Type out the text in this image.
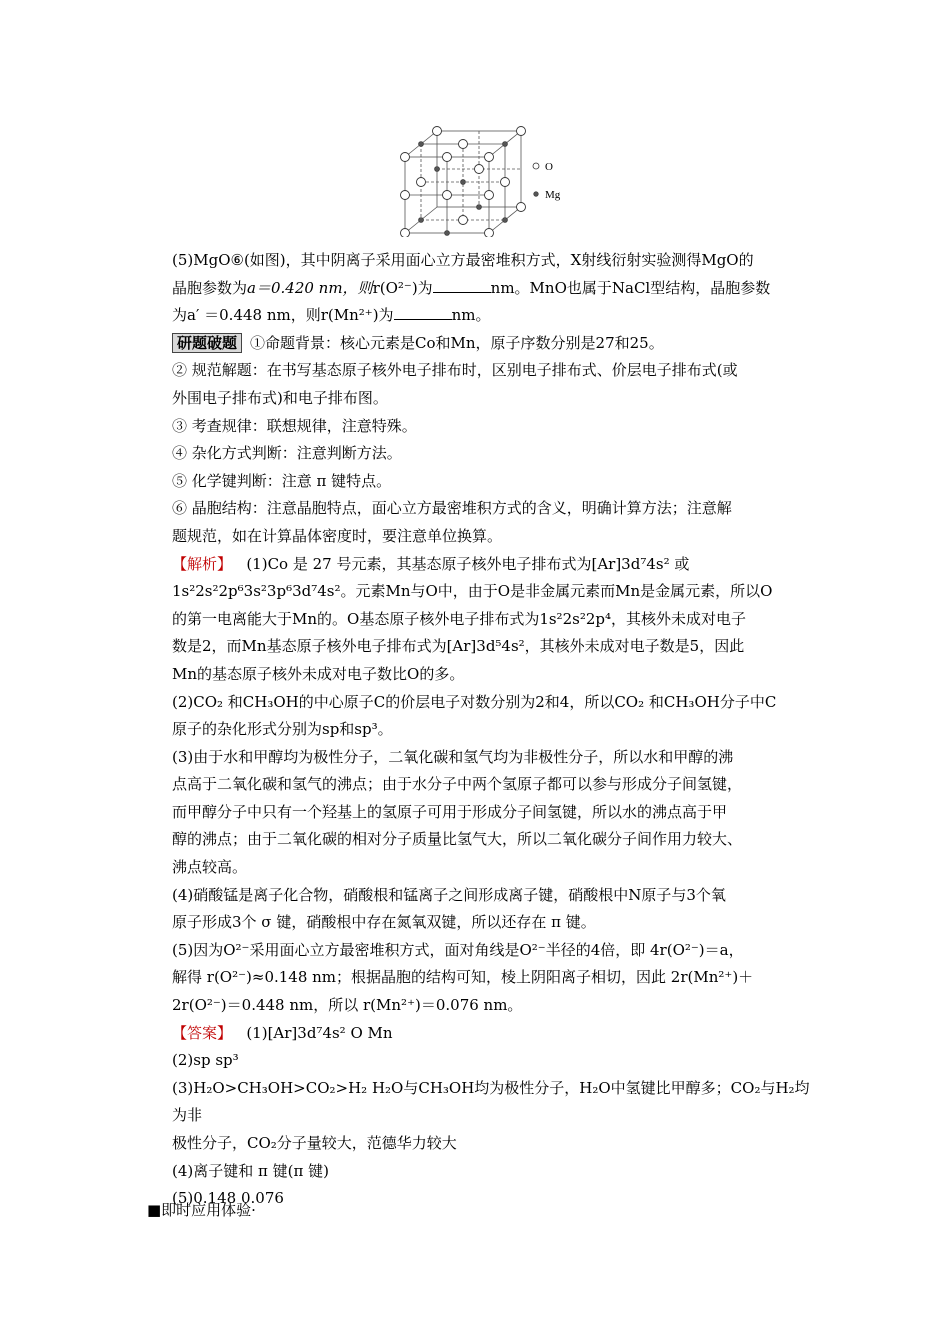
O
Mg

(5)MgO⑥(如图)，其中阴离子采用面心立方最密堆积方式，X射线衍射实验测得MgO的

晶胞参数为a＝0.420 nm，则r(O²⁻)为	nm。MnO也属于NaCl型结构，晶胞参数

为a′ ＝0.448 nm，则r(Mn²⁺)为	nm。

研题破题 ①命题背景：核心元素是Co和Mn，原子序数分别是27和25。

② 规范解题：在书写基态原子核外电子排布时，区别电子排布式、价层电子排布式(或

外围电子排布式)和电子排布图。

③ 考查规律：联想规律，注意特殊。

④ 杂化方式判断：注意判断方法。

⑤ 化学键判断：注意 π 键特点。

⑥ 晶胞结构：注意晶胞特点，面心立方最密堆积方式的含义，明确计算方法；注意解

题规范，如在计算晶体密度时，要注意单位换算。

【解析】 (1)Co 是 27 号元素，其基态原子核外电子排布式为[Ar]3d⁷4s² 或

1s²2s²2p⁶3s²3p⁶3d⁷4s²。元素Mn与O中，由于O是非金属元素而Mn是金属元素，所以O

的第一电离能大于Mn的。O基态原子核外电子排布式为1s²2s²2p⁴，其核外未成对电子

数是2，而Mn基态原子核外电子排布式为[Ar]3d⁵4s²，其核外未成对电子数是5，因此

Mn的基态原子核外未成对电子数比O的多。

(2)CO₂ 和CH₃OH的中心原子C的价层电子对数分别为2和4，所以CO₂ 和CH₃OH分子中C

原子的杂化形式分别为sp和sp³。

(3)由于水和甲醇均为极性分子，二氧化碳和氢气均为非极性分子，所以水和甲醇的沸

点高于二氧化碳和氢气的沸点；由于水分子中两个氢原子都可以参与形成分子间氢键，

而甲醇分子中只有一个羟基上的氢原子可用于形成分子间氢键，所以水的沸点高于甲

醇的沸点；由于二氧化碳的相对分子质量比氢气大，所以二氧化碳分子间作用力较大、

沸点较高。

(4)硝酸锰是离子化合物，硝酸根和锰离子之间形成离子键，硝酸根中N原子与3个氧

原子形成3个 σ 键，硝酸根中存在氮氧双键，所以还存在 π 键。

(5)因为O²⁻采用面心立方最密堆积方式，面对角线是O²⁻半径的4倍，即 4r(O²⁻)＝a，

解得 r(O²⁻)≈0.148 nm；根据晶胞的结构可知，棱上阴阳离子相切，因此 2r(Mn²⁺)＋

2r(O²⁻)＝0.448 nm，所以 r(Mn²⁺)＝0.076 nm。

【答案】 (1)[Ar]3d⁷4s² O Mn

(2)sp sp³

(3)H₂O>CH₃OH>CO₂>H₂ H₂O与CH₃OH均为极性分子，H₂O中氢键比甲醇多；CO₂与H₂均为非

极性分子，CO₂分子量较大，范德华力较大

(4)离子键和 π 键(π 键)

(5)0.148 0.076

■即时应用体验·
